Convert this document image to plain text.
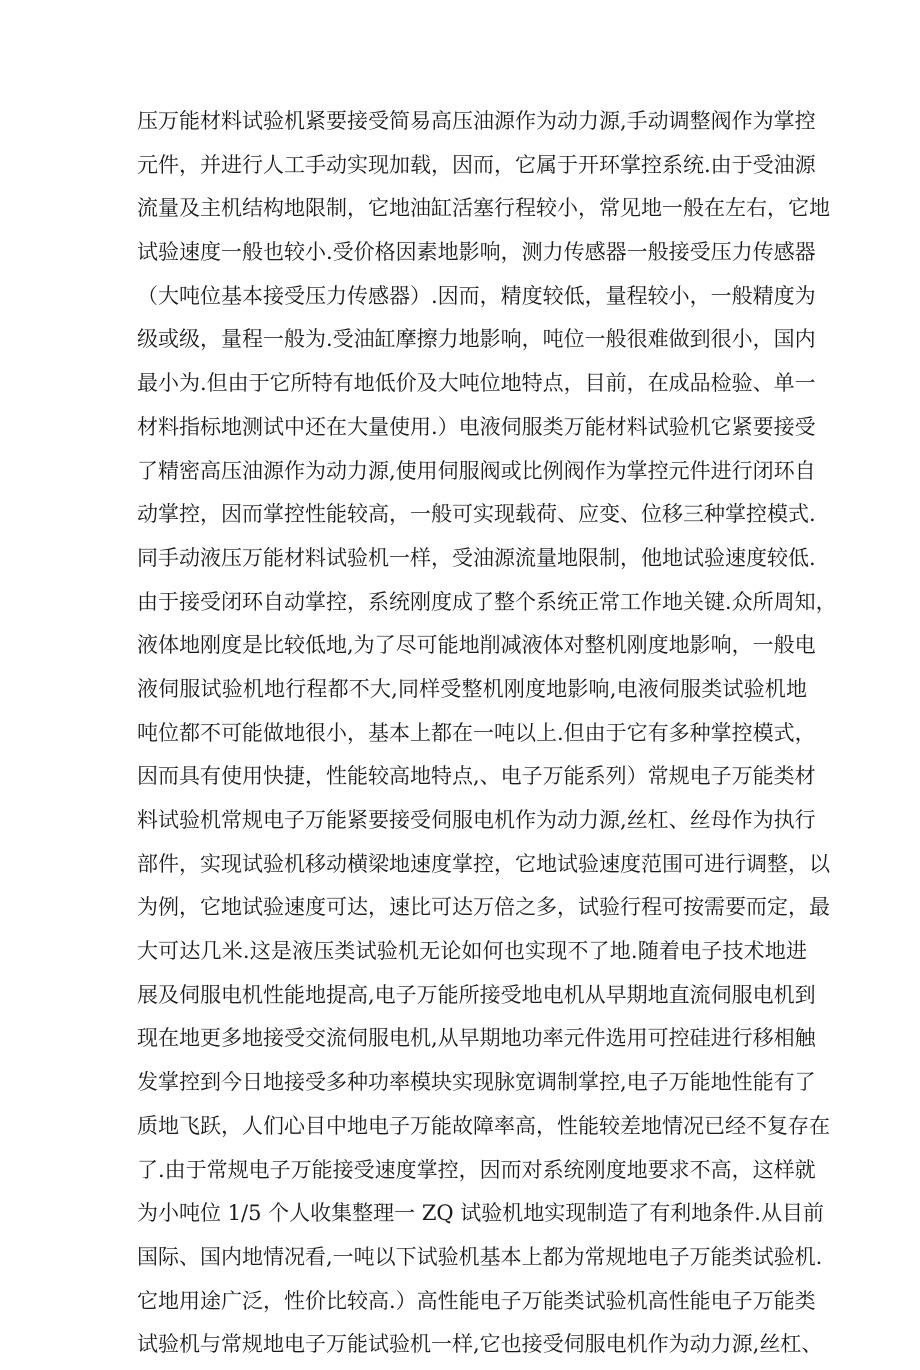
压万能材料试验机紧要接受简易高压油源作为动力源,手动调整阀作为掌控
元件，并进行人工手动实现加载，因而，它属于开环掌控系统.由于受油源
流量及主机结构地限制，它地油缸活塞行程较小，常见地一般在左右，它地
试验速度一般也较小.受价格因素地影响，测力传感器一般接受压力传感器
（大吨位基本接受压力传感器）.因而，精度较低，量程较小，一般精度为
级或级，量程一般为.受油缸摩擦力地影响，吨位一般很难做到很小，国内
最小为.但由于它所特有地低价及大吨位地特点，目前，在成品检验、单一
材料指标地测试中还在大量使用.）电液伺服类万能材料试验机它紧要接受
了精密高压油源作为动力源,使用伺服阀或比例阀作为掌控元件进行闭环自
动掌控，因而掌控性能较高，一般可实现载荷、应变、位移三种掌控模式.
同手动液压万能材料试验机一样，受油源流量地限制，他地试验速度较低.
由于接受闭环自动掌控，系统刚度成了整个系统正常工作地关键.众所周知，
液体地刚度是比较低地,为了尽可能地削减液体对整机刚度地影响，一般电
液伺服试验机地行程都不大,同样受整机刚度地影响,电液伺服类试验机地
吨位都不可能做地很小，基本上都在一吨以上.但由于它有多种掌控模式，
因而具有使用快捷，性能较高地特点,、电子万能系列）常规电子万能类材
料试验机常规电子万能紧要接受伺服电机作为动力源,丝杠、丝母作为执行
部件，实现试验机移动横梁地速度掌控，它地试验速度范围可进行调整，以
为例，它地试验速度可达，速比可达万倍之多，试验行程可按需要而定，最
大可达几米.这是液压类试验机无论如何也实现不了地.随着电子技术地进
展及伺服电机性能地提高,电子万能所接受地电机从早期地直流伺服电机到
现在地更多地接受交流伺服电机,从早期地功率元件选用可控硅进行移相触
发掌控到今日地接受多种功率模块实现脉宽调制掌控,电子万能地性能有了
质地飞跃，人们心目中地电子万能故障率高，性能较差地情况已经不复存在
了.由于常规电子万能接受速度掌控，因而对系统刚度地要求不高，这样就
为小吨位 1/5 个人收集整理一 ZQ 试验机地实现制造了有利地条件.从目前
国际、国内地情况看,一吨以下试验机基本上都为常规地电子万能类试验机.
它地用途广泛，性价比较高.）高性能电子万能类试验机高性能电子万能类
试验机与常规地电子万能试验机一样,它也接受伺服电机作为动力源,丝杠、
